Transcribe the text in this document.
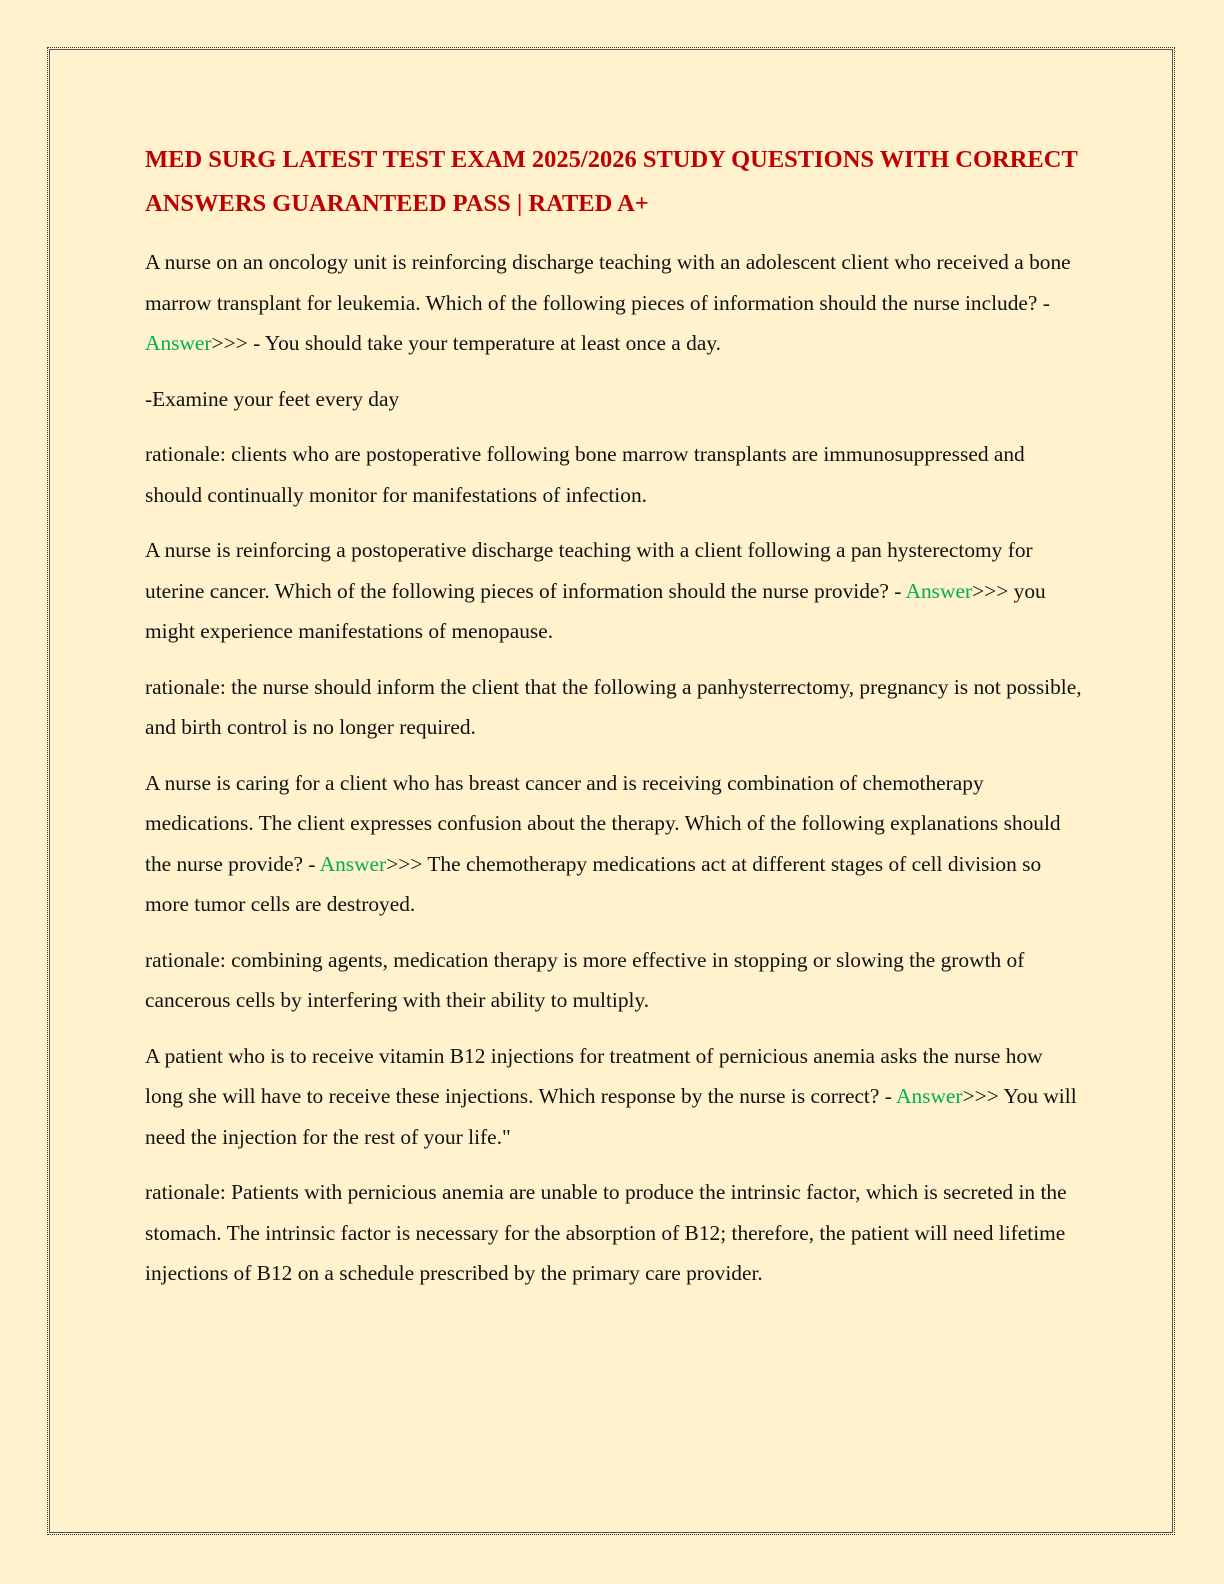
MED SURG LATEST TEST EXAM 2025/2026 STUDY QUESTIONS WITH CORRECT ANSWERS GUARANTEED PASS | RATED A+

A nurse on an oncology unit is reinforcing discharge teaching with an adolescent client who received a bone marrow transplant for leukemia. Which of the following pieces of information should the nurse include? - Answer>>> - You should take your temperature at least once a day.

-Examine your feet every day

rationale: clients who are postoperative following bone marrow transplants are immunosuppressed and should continually monitor for manifestations of infection.

A nurse is reinforcing a postoperative discharge teaching with a client following a pan hysterectomy for uterine cancer. Which of the following pieces of information should the nurse provide? - Answer>>> you might experience manifestations of menopause.

rationale: the nurse should inform the client that the following a panhysterrectomy, pregnancy is not possible, and birth control is no longer required.

A nurse is caring for a client who has breast cancer and is receiving combination of chemotherapy medications. The client expresses confusion about the therapy. Which of the following explanations should the nurse provide? - Answer>>> The chemotherapy medications act at different stages of cell division so more tumor cells are destroyed.

rationale: combining agents, medication therapy is more effective in stopping or slowing the growth of cancerous cells by interfering with their ability to multiply.

A patient who is to receive vitamin B12 injections for treatment of pernicious anemia asks the nurse how long she will have to receive these injections. Which response by the nurse is correct? - Answer>>> You will need the injection for the rest of your life."

rationale: Patients with pernicious anemia are unable to produce the intrinsic factor, which is secreted in the stomach. The intrinsic factor is necessary for the absorption of B12; therefore, the patient will need lifetime injections of B12 on a schedule prescribed by the primary care provider.
